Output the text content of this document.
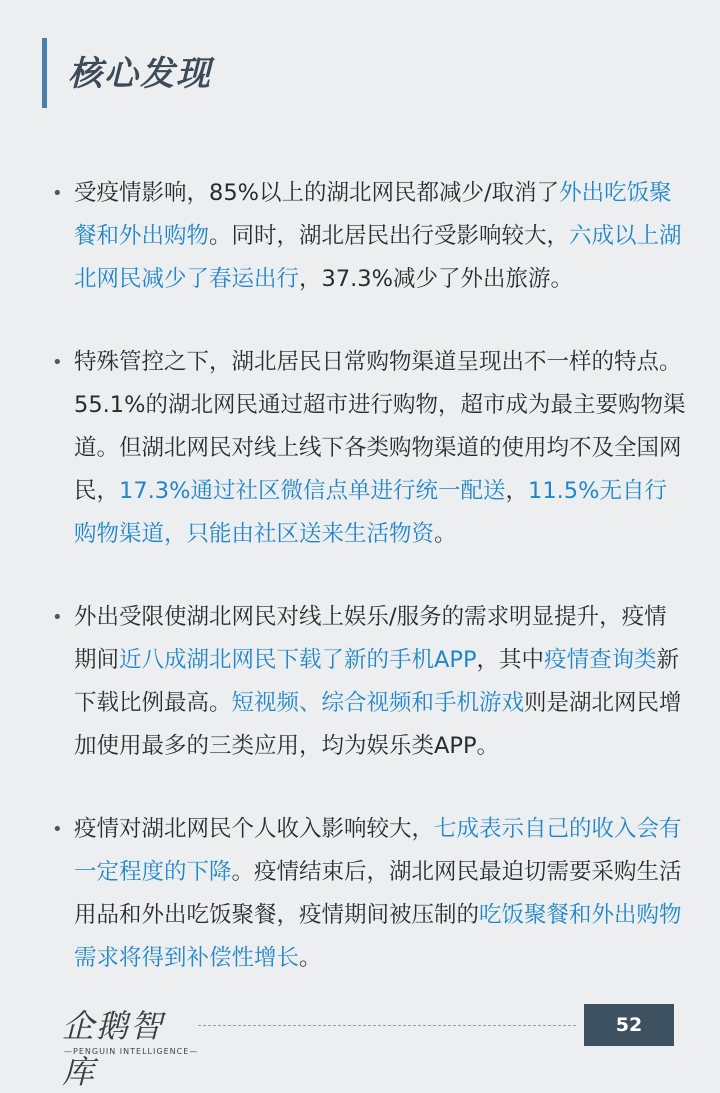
核心发现
• 受疫情影响，85%以上的湖北网民都减少/取消了外出吃饭聚餐和外出购物。同时，湖北居民出行受影响较大，六成以上湖北网民减少了春运出行，37.3%减少了外出旅游。
• 特殊管控之下，湖北居民日常购物渠道呈现出不一样的特点。55.1%的湖北网民通过超市进行购物，超市成为最主要购物渠道。但湖北网民对线上线下各类购物渠道的使用均不及全国网民，17.3%通过社区微信点单进行统一配送，11.5%无自行购物渠道，只能由社区送来生活物资。
• 外出受限使湖北网民对线上娱乐/服务的需求明显提升，疫情期间近八成湖北网民下载了新的手机APP，其中疫情查询类新下载比例最高。短视频、综合视频和手机游戏则是湖北网民增加使用最多的三类应用，均为娱乐类APP。
• 疫情对湖北网民个人收入影响较大，七成表示自己的收入会有一定程度的下降。疫情结束后，湖北网民最迫切需要采购生活用品和外出吃饭聚餐，疫情期间被压制的吃饭聚餐和外出购物需求将得到补偿性增长。
企鹅智库
—PENGUIN INTELLIGENCE—
52
